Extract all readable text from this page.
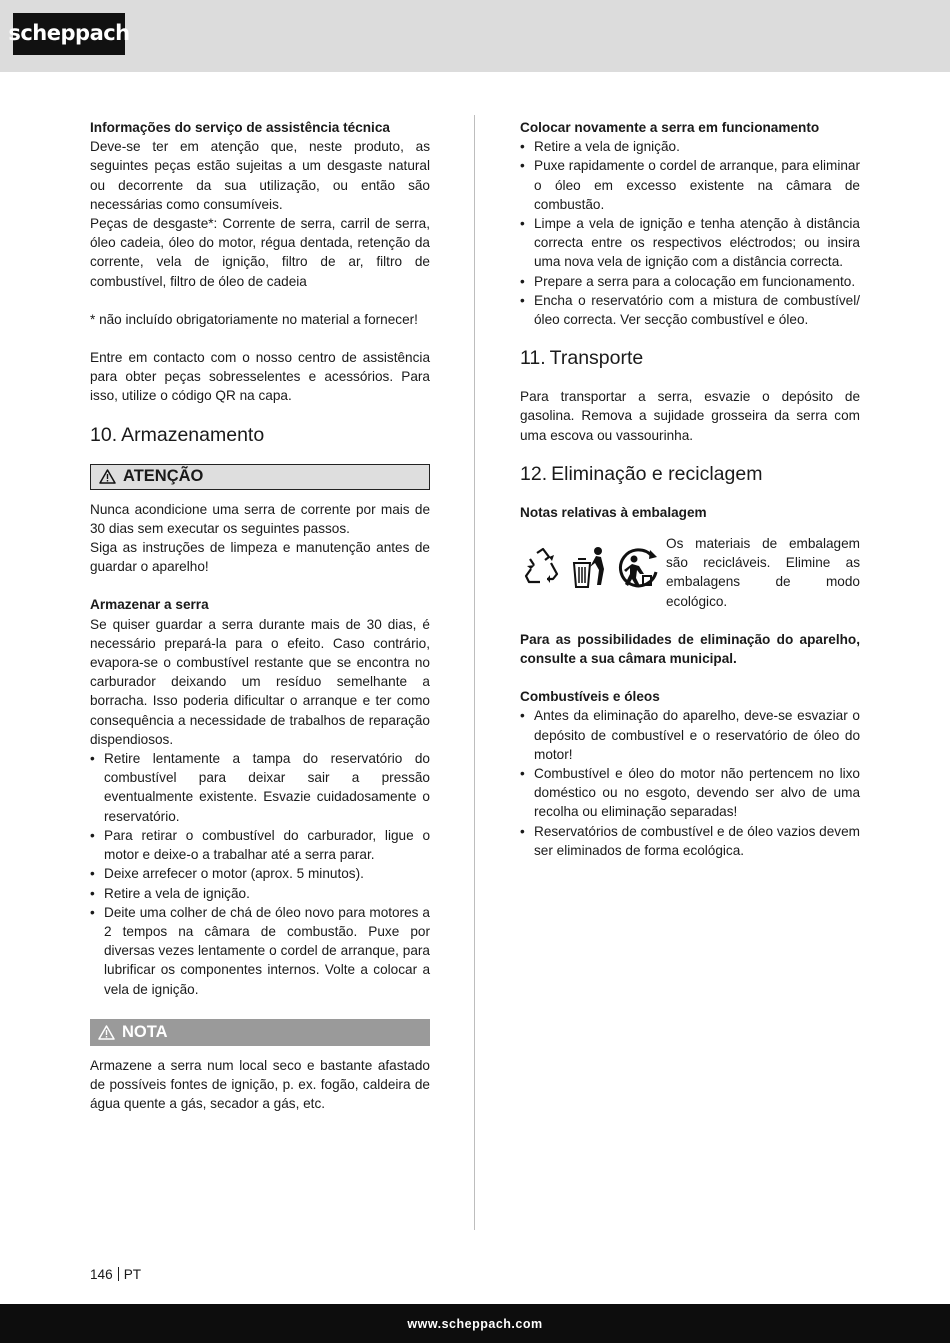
scheppach

Informações do serviço de assistência técnica

Deve-se ter em atenção que, neste produto, as seguintes peças estão sujeitas a um desgaste natural ou decorrente da sua utilização, ou então são necessárias como consumíveis.

Peças de desgaste*: Corrente de serra, carril de serra, óleo cadeia, óleo do motor, régua dentada, retenção da corrente, vela de ignição, filtro de ar, filtro de combustível, filtro de óleo de cadeia

* não incluído obrigatoriamente no material a fornecer!

Entre em contacto com o nosso centro de assistência para obter peças sobresselentes e acessórios. Para isso, utilize o código QR na capa.

10. Armazenamento
ATENÇÃO

Nunca acondicione uma serra de corrente por mais de 30 dias sem executar os seguintes passos.

Siga as instruções de limpeza e manutenção antes de guardar o aparelho!

Armazenar a serra

Se quiser guardar a serra durante mais de 30 dias, é necessário prepará-la para o efeito. Caso contrário, evapora-se o combustível restante que se encontra no carburador deixando um resíduo semelhante a borracha. Isso poderia dificultar o arranque e ter como consequência a necessidade de trabalhos de reparação dispendiosos.

• Retire lentamente a tampa do reservatório do combustível para deixar sair a pressão eventualmente existente. Esvazie cuidadosamente o reservatório.
• Para retirar o combustível do carburador, ligue o motor e deixe-o a trabalhar até a serra parar.
• Deixe arrefecer o motor (aprox. 5 minutos).
• Retire a vela de ignição.
• Deite uma colher de chá de óleo novo para motores a 2 tempos na câmara de combustão. Puxe por diversas vezes lentamente o cordel de arranque, para lubrificar os componentes internos. Volte a colocar a vela de ignição.
NOTA

Armazene a serra num local seco e bastante afastado de possíveis fontes de ignição, p. ex. fogão, caldeira de água quente a gás, secador a gás, etc.

Colocar novamente a serra em funcionamento

• Retire a vela de ignição.
• Puxe rapidamente o cordel de arranque, para eliminar o óleo em excesso existente na câmara de combustão.
• Limpe a vela de ignição e tenha atenção à distância correcta entre os respectivos eléctrodos; ou insira uma nova vela de ignição com a distância correcta.
• Prepare a serra para a colocação em funcionamento.
• Encha o reservatório com a mistura de combustível/óleo correcta. Ver secção combustível e óleo.
11. Transporte

Para transportar a serra, esvazie o depósito de gasolina. Remova a sujidade grosseira da serra com uma escova ou vassourinha.

12. Eliminação e reciclagem

Notas relativas à embalagem

Os materiais de embalagem são recicláveis. Elimine as embalagens de modo ecológico.

Para as possibilidades de eliminação do aparelho, consulte a sua câmara municipal.

Combustíveis e óleos

• Antes da eliminação do aparelho, deve-se esvaziar o depósito de combustível e o reservatório de óleo do motor!
• Combustível e óleo do motor não pertencem no lixo doméstico ou no esgoto, devendo ser alvo de uma recolha ou eliminação separadas!
• Reservatórios de combustível e de óleo vazios devem ser eliminados de forma ecológica.
146 PT
www.scheppach.com
